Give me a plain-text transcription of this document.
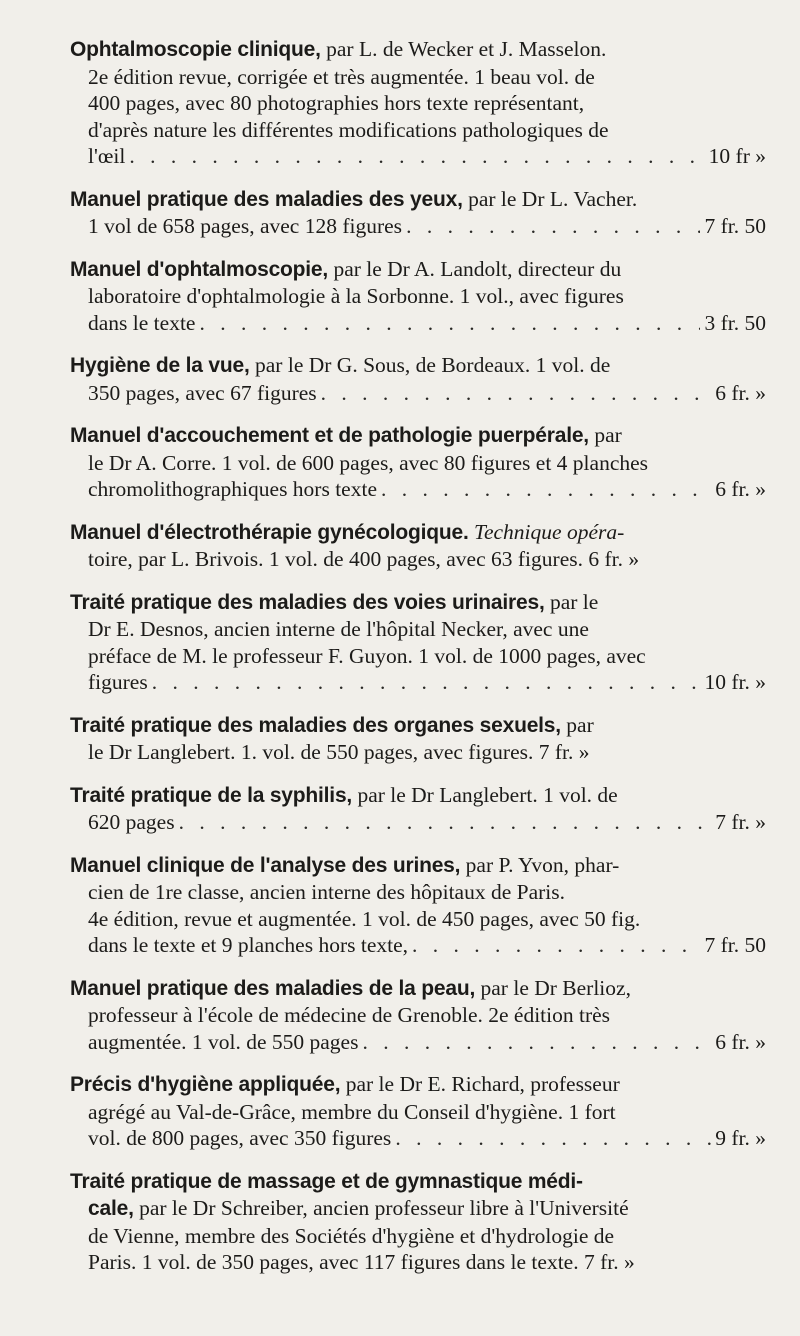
Ophtalmoscopie clinique, par L. de Wecker et J. Masselon.

2e édition revue, corrigée et très augmentée. 1 beau vol. de

400 pages, avec 80 photographies hors texte représentant,

d'après nature les différentes modifications pathologiques de

l'œil . . .	10 fr »

Manuel pratique des maladies des yeux, par le Dr L. Vacher.

1 vol de 658 pages, avec 128 figures . . .	7 fr. 50

Manuel d'ophtalmoscopie, par le Dr A. Landolt, directeur du

laboratoire d'ophtalmologie à la Sorbonne. 1 vol., avec figures

dans le texte . . .	3 fr. 50

Hygiène de la vue, par le Dr G. Sous, de Bordeaux. 1 vol. de

350 pages, avec 67 figures . . .	6 fr. »

Manuel d'accouchement et de pathologie puerpérale, par

le Dr A. Corre. 1 vol. de 600 pages, avec 80 figures et 4 planches

chromolithographiques hors texte . . .	6 fr. »

Manuel d'électrothérapie gynécologique. Technique opéra-

toire, par L. Brivois. 1 vol. de 400 pages, avec 63 figures. 6 fr. »

Traité pratique des maladies des voies urinaires, par le

Dr E. Desnos, ancien interne de l'hôpital Necker, avec une

préface de M. le professeur F. Guyon. 1 vol. de 1000 pages, avec

figures . . .	10 fr. »

Traité pratique des maladies des organes sexuels, par

le Dr Langlebert. 1. vol. de 550 pages, avec figures. 7 fr. »

Traité pratique de la syphilis, par le Dr Langlebert. 1 vol. de

620 pages . . .	7 fr. »

Manuel clinique de l'analyse des urines, par P. Yvon, phar-

cien de 1re classe, ancien interne des hôpitaux de Paris.

4e édition, revue et augmentée. 1 vol. de 450 pages, avec 50 fig.

dans le texte et 9 planches hors texte, . . .	7 fr. 50

Manuel pratique des maladies de la peau, par le Dr Berlioz,

professeur à l'école de médecine de Grenoble. 2e édition très

augmentée. 1 vol. de 550 pages . . .	6 fr. »

Précis d'hygiène appliquée, par le Dr E. Richard, professeur

agrégé au Val-de-Grâce, membre du Conseil d'hygiène. 1 fort

vol. de 800 pages, avec 350 figures . . .	9 fr. »

Traité pratique de massage et de gymnastique médi-

cale, par le Dr Schreiber, ancien professeur libre à l'Université

de Vienne, membre des Sociétés d'hygiène et d'hydrologie de

Paris. 1 vol. de 350 pages, avec 117 figures dans le texte. 7 fr. »
